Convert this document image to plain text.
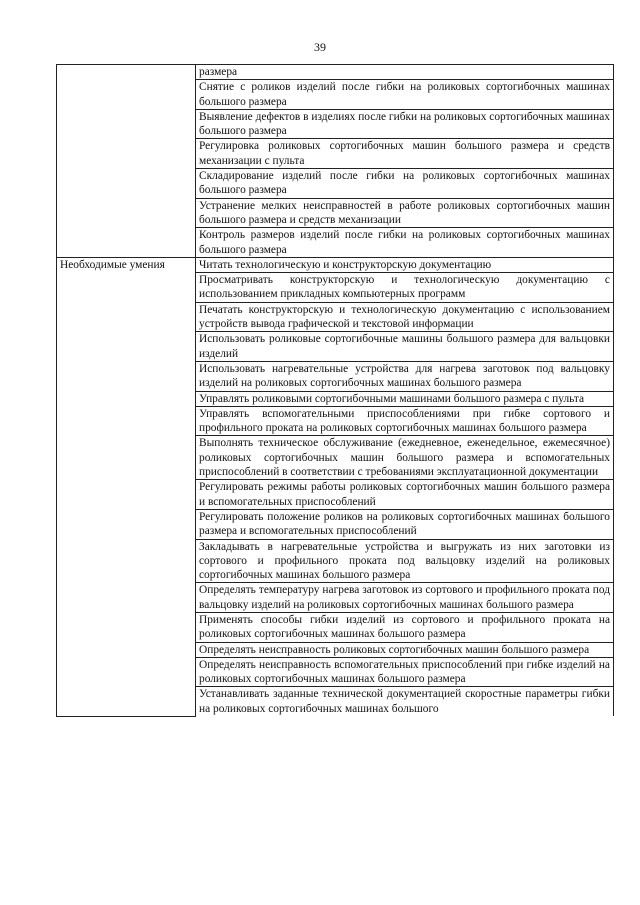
39
	размера
	Снятие с роликов изделий после гибки на роликовых сортогибочных машинах большого размера
	Выявление дефектов в изделиях после гибки на роликовых сортогибочных машинах большого размера
	Регулировка роликовых сортогибочных машин большого размера и средств механизации с пульта
	Складирование изделий после гибки на роликовых сортогибочных машинах большого размера
	Устранение мелких неисправностей в работе роликовых сортогибочных машин большого размера и средств механизации
	Контроль размеров изделий после гибки на роликовых сортогибочных машинах большого размера
Необходимые умения	Читать технологическую и конструкторскую документацию
	Просматривать конструкторскую и технологическую документацию с использованием прикладных компьютерных программ
	Печатать конструкторскую и технологическую документацию с использованием устройств вывода графической и текстовой информации
	Использовать роликовые сортогибочные машины большого размера для вальцовки изделий
	Использовать нагревательные устройства для нагрева заготовок под вальцовку изделий на роликовых сортогибочных машинах большого размера
	Управлять роликовыми сортогибочными машинами большого размера с пульта
	Управлять вспомогательными приспособлениями при гибке сортового и профильного проката на роликовых сортогибочных машинах большого размера
	Выполнять техническое обслуживание (ежедневное, еженедельное, ежемесячное) роликовых сортогибочных машин большого размера и вспомогательных приспособлений в соответствии с требованиями эксплуатационной документации
	Регулировать режимы работы роликовых сортогибочных машин большого размера и вспомогательных приспособлений
	Регулировать положение роликов на роликовых сортогибочных машинах большого размера и вспомогательных приспособлений
	Закладывать в нагревательные устройства и выгружать из них заготовки из сортового и профильного проката под вальцовку изделий на роликовых сортогибочных машинах большого размера
	Определять температуру нагрева заготовок из сортового и профильного проката под вальцовку изделий на роликовых сортогибочных машинах большого размера
	Применять способы гибки изделий из сортового и профильного проката на роликовых сортогибочных машинах большого размера
	Определять неисправность роликовых сортогибочных машин большого размера
	Определять неисправность вспомогательных приспособлений при гибке изделий на роликовых сортогибочных машинах большого размера
	Устанавливать заданные технической документацией скоростные параметры гибки на роликовых сортогибочных машинах большого
